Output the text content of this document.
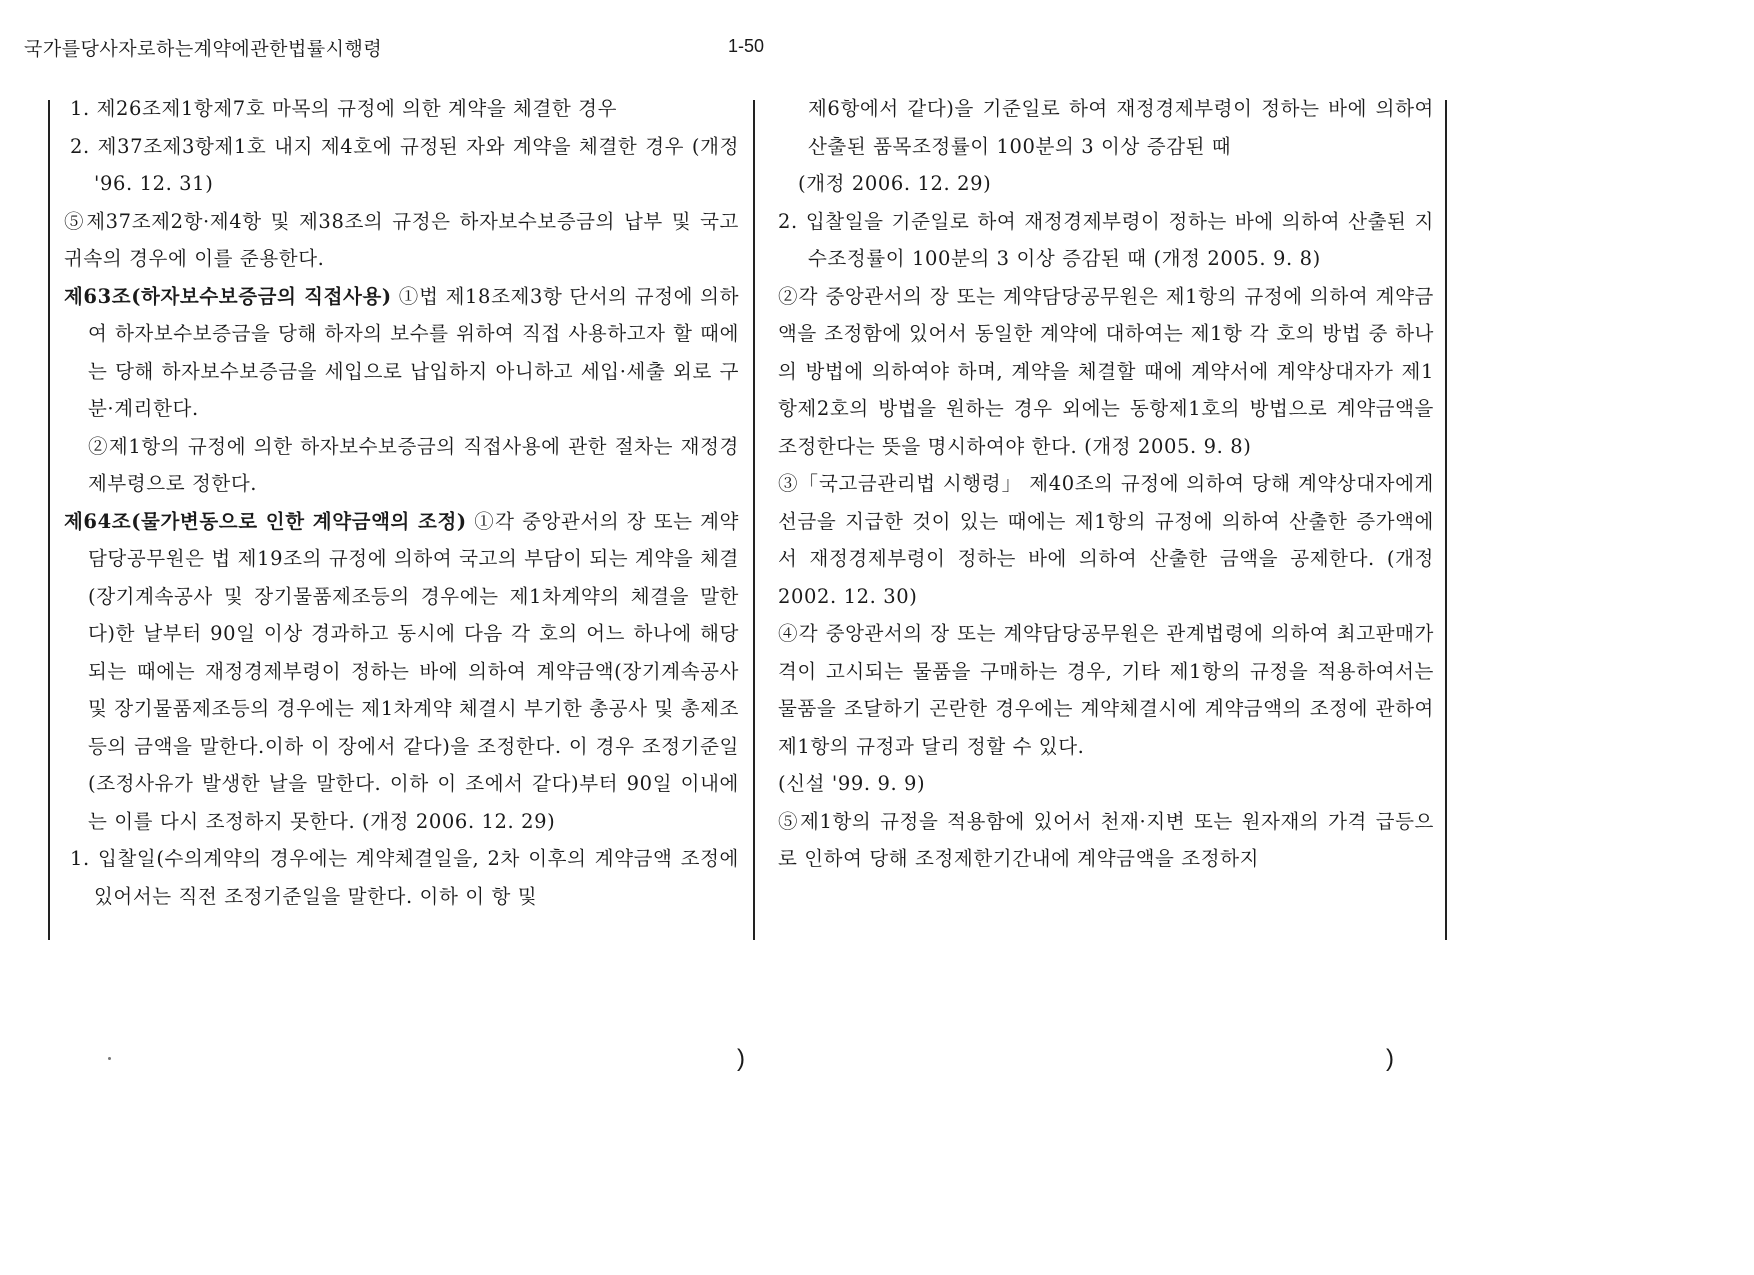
국가를당사자로하는계약에관한법률시행령	1-50

1. 제26조제1항제7호 마목의 규정에 의한 계약을 체결한 경우

2. 제37조제3항제1호 내지 제4호에 규정된 자와 계약을 체결한 경우 (개정 '96. 12. 31)

⑤제37조제2항·제4항 및 제38조의 규정은 하자보수보증금의 납부 및 국고귀속의 경우에 이를 준용한다.

제63조(하자보수보증금의 직접사용) ①법 제18조제3항 단서의 규정에 의하여 하자보수보증금을 당해 하자의 보수를 위하여 직접 사용하고자 할 때에는 당해 하자보수보증금을 세입으로 납입하지 아니하고 세입·세출 외로 구분·계리한다.

②제1항의 규정에 의한 하자보수보증금의 직접사용에 관한 절차는 재정경제부령으로 정한다.

제64조(물가변동으로 인한 계약금액의 조정) ①각 중앙관서의 장 또는 계약담당공무원은 법 제19조의 규정에 의하여 국고의 부담이 되는 계약을 체결(장기계속공사 및 장기물품제조등의 경우에는 제1차계약의 체결을 말한다)한 날부터 90일 이상 경과하고 동시에 다음 각 호의 어느 하나에 해당되는 때에는 재정경제부령이 정하는 바에 의하여 계약금액(장기계속공사 및 장기물품제조등의 경우에는 제1차계약 체결시 부기한 총공사 및 총제조등의 금액을 말한다.이하 이 장에서 같다)을 조정한다. 이 경우 조정기준일(조정사유가 발생한 날을 말한다. 이하 이 조에서 같다)부터 90일 이내에는 이를 다시 조정하지 못한다. (개정 2006. 12. 29)

1. 입찰일(수의계약의 경우에는 계약체결일을, 2차 이후의 계약금액 조정에 있어서는 직전 조정기준일을 말한다. 이하 이 항 및

제6항에서 같다)을 기준일로 하여 재정경제부령이 정하는 바에 의하여 산출된 품목조정률이 100분의 3 이상 증감된 때

(개정 2006. 12. 29)

2. 입찰일을 기준일로 하여 재정경제부령이 정하는 바에 의하여 산출된 지수조정률이 100분의 3 이상 증감된 때 (개정 2005. 9. 8)

②각 중앙관서의 장 또는 계약담당공무원은 제1항의 규정에 의하여 계약금액을 조정함에 있어서 동일한 계약에 대하여는 제1항 각 호의 방법 중 하나의 방법에 의하여야 하며, 계약을 체결할 때에 계약서에 계약상대자가 제1항제2호의 방법을 원하는 경우 외에는 동항제1호의 방법으로 계약금액을 조정한다는 뜻을 명시하여야 한다. (개정 2005. 9. 8)

③「국고금관리법 시행령」 제40조의 규정에 의하여 당해 계약상대자에게 선금을 지급한 것이 있는 때에는 제1항의 규정에 의하여 산출한 증가액에서 재정경제부령이 정하는 바에 의하여 산출한 금액을 공제한다. (개정 2002. 12. 30)

④각 중앙관서의 장 또는 계약담당공무원은 관계법령에 의하여 최고판매가격이 고시되는 물품을 구매하는 경우, 기타 제1항의 규정을 적용하여서는 물품을 조달하기 곤란한 경우에는 계약체결시에 계약금액의 조정에 관하여 제1항의 규정과 달리 정할 수 있다.

(신설 '99. 9. 9)

⑤제1항의 규정을 적용함에 있어서 천재·지변 또는 원자재의 가격 급등으로 인하여 당해 조정제한기간내에 계약금액을 조정하지

)	)
